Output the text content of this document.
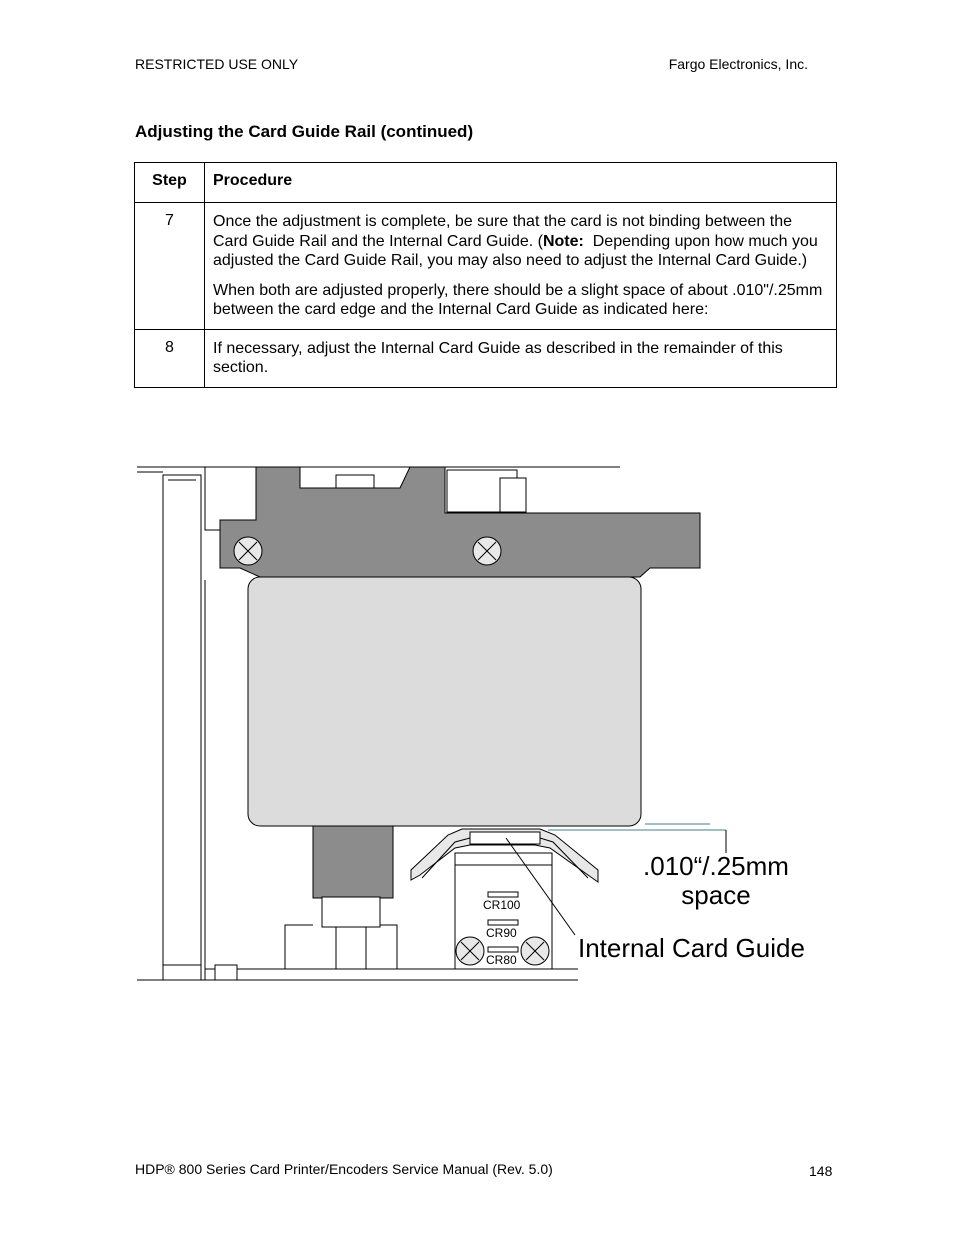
RESTRICTED USE ONLY	Fargo Electronics, Inc.
Adjusting the Card Guide Rail (continued)
Step	Procedure
7	Once the adjustment is complete, be sure that the card is not binding between the Card Guide Rail and the Internal Card Guide. (Note:  Depending upon how much you adjusted the Card Guide Rail, you may also need to adjust the Internal Card Guide.)

When both are adjusted properly, there should be a slight space of about .010"/.25mm between the card edge and the Internal Card Guide as indicated here:

8	If necessary, adjust the Internal Card Guide as described in the remainder of this section.

CR100
CR90
CR80
.010“/.25mm
space
Internal Card Guide
HDP® 800 Series Card Printer/Encoders Service Manual (Rev. 5.0)	148
